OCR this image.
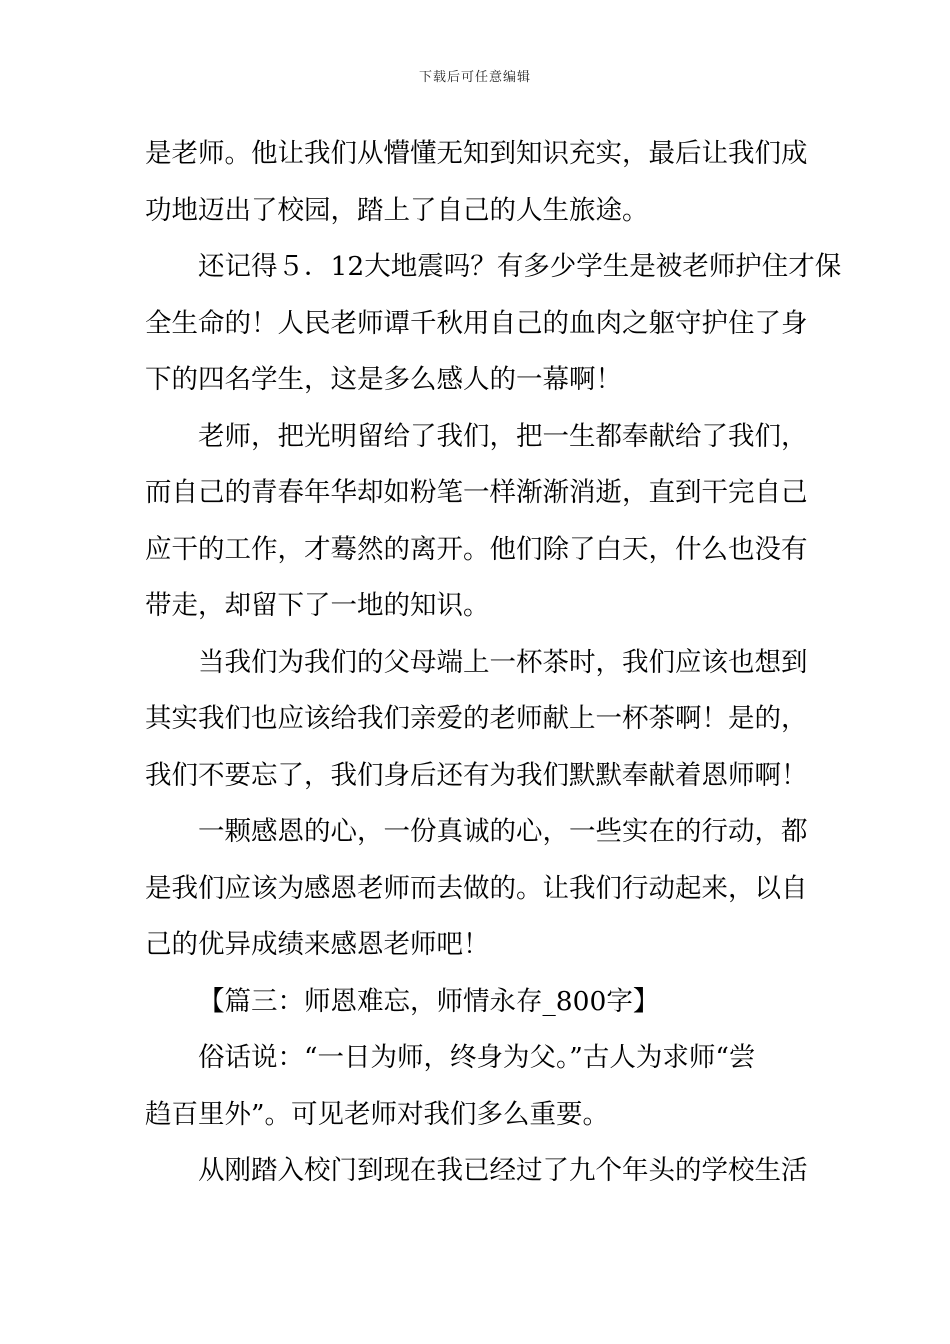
下载后可任意编辑
是老师。他让我们从懵懂无知到知识充实，最后让我们成
功地迈出了校园，踏上了自己的人生旅途。
还记得５．12大地震吗？有多少学生是被老师护住才保
全生命的！人民老师谭千秋用自己的血肉之躯守护住了身
下的四名学生，这是多么感人的一幕啊！
老师，把光明留给了我们，把一生都奉献给了我们，
而自己的青春年华却如粉笔一样渐渐消逝，直到干完自己
应干的工作，才蓦然的离开。他们除了白天，什么也没有
带走，却留下了一地的知识。
当我们为我们的父母端上一杯茶时，我们应该也想到
其实我们也应该给我们亲爱的老师献上一杯茶啊！是的，
我们不要忘了，我们身后还有为我们默默奉献着恩师啊！
一颗感恩的心，一份真诚的心，一些实在的行动，都
是我们应该为感恩老师而去做的。让我们行动起来，以自
己的优异成绩来感恩老师吧！
【篇三：师恩难忘，师情永存_800字】
俗话说：“一日为师，终身为父。”古人为求师“尝
趋百里外”。可见老师对我们多么重要。
从刚踏入校门到现在我已经过了九个年头的学校生活
